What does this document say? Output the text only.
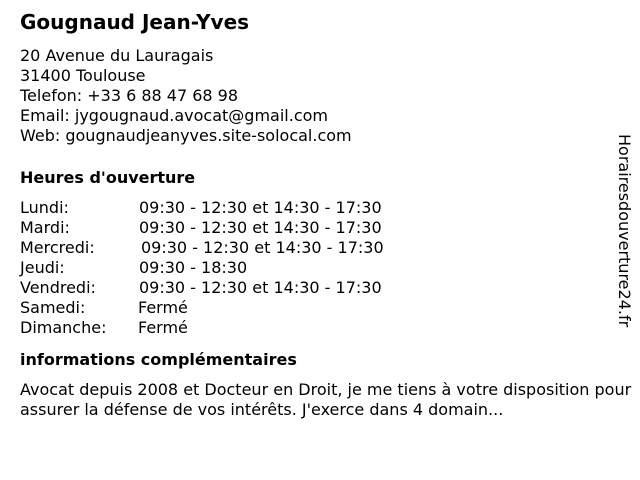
Gougnaud Jean-Yves
20 Avenue du Lauragais
31400 Toulouse
Telefon: +33 6 88 47 68 98
Email: jygougnaud.avocat@gmail.com
Web: gougnaudjeanyves.site-solocal.com
Heures d'ouverture
Lundi:	09:30 - 12:30 et 14:30 - 17:30
Mardi:	09:30 - 12:30 et 14:30 - 17:30
Mercredi:	09:30 - 12:30 et 14:30 - 17:30
Jeudi:	09:30 - 18:30
Vendredi:	09:30 - 12:30 et 14:30 - 17:30
Samedi:	Fermé
Dimanche:	Fermé
informations complémentaires
Avocat depuis 2008 et Docteur en Droit, je me tiens à votre disposition pour assurer la défense de vos intérêts. J'exerce dans 4 domain...
Horairesdouverture24.fr
